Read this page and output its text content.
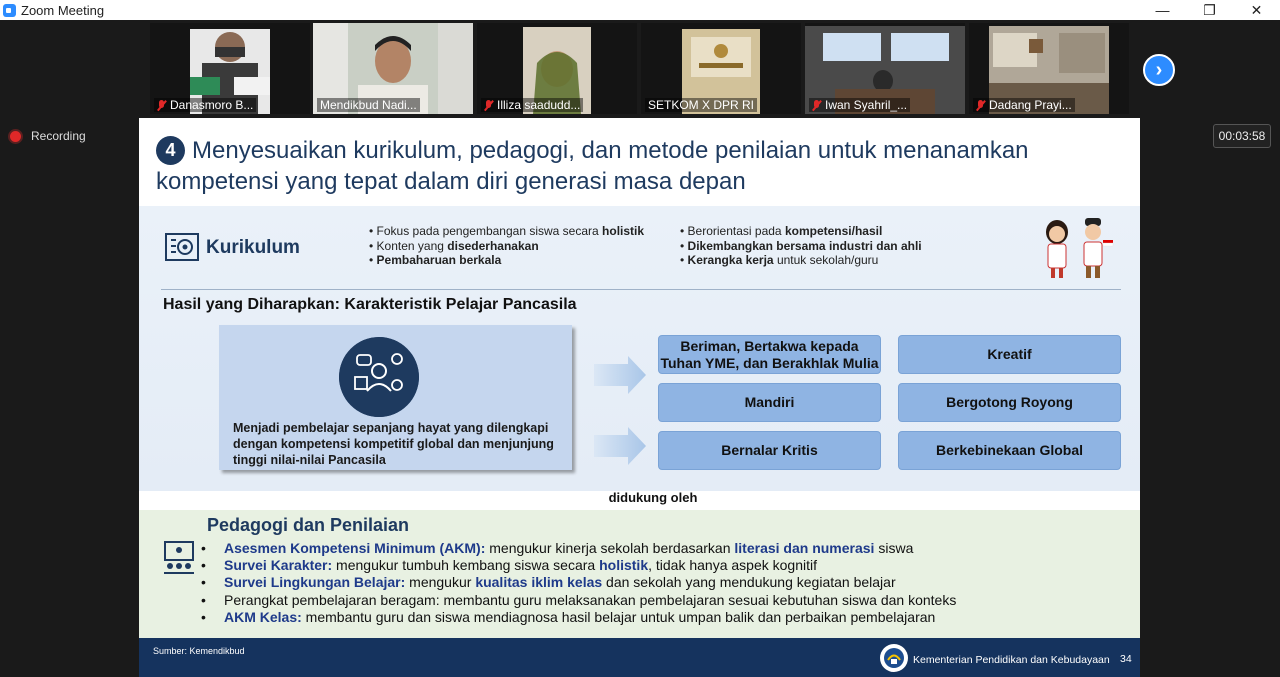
Zoom Meeting	—	❐	✕
Danasmoro B...	Mendikbud Nadi...	Illiza saadudd...	SETKOM X DPR RI	Iwan Syahril_...	Dadang Prayi...
›
Recording	00:03:58
4 Menyesuaikan kurikulum, pedagogi, dan metode penilaian untuk menanamkan kompetensi yang tepat dalam diri generasi masa depan
Kurikulum
• Fokus pada pengembangan siswa secara holistik
• Konten yang disederhanakan
• Pembaharuan berkala
• Berorientasi pada kompetensi/hasil
• Dikembangkan bersama industri dan ahli
• Kerangka kerja untuk sekolah/guru
Hasil yang Diharapkan: Karakteristik Pelajar Pancasila
Menjadi pembelajar sepanjang hayat yang dilengkapi dengan kompetensi kompetitif global dan menjunjung tinggi nilai-nilai Pancasila
Beriman, Bertakwa kepada Tuhan YME, dan Berakhlak Mulia
Kreatif
Mandiri	Bergotong Royong
Bernalar Kritis	Berkebinekaan Global
didukung oleh
Pedagogi dan Penilaian
• Asesmen Kompetensi Minimum (AKM): mengukur kinerja sekolah berdasarkan literasi dan numerasi siswa
• Survei Karakter: mengukur tumbuh kembang siswa secara holistik, tidak hanya aspek kognitif
• Survei Lingkungan Belajar: mengukur kualitas iklim kelas dan sekolah yang mendukung kegiatan belajar
• Perangkat pembelajaran beragam: membantu guru melaksanakan pembelajaran sesuai kebutuhan siswa dan konteks
• AKM Kelas: membantu guru dan siswa mendiagnosa hasil belajar untuk umpan balik dan perbaikan pembelajaran
Sumber: Kemendikbud
Kementerian Pendidikan dan Kebudayaan 34
